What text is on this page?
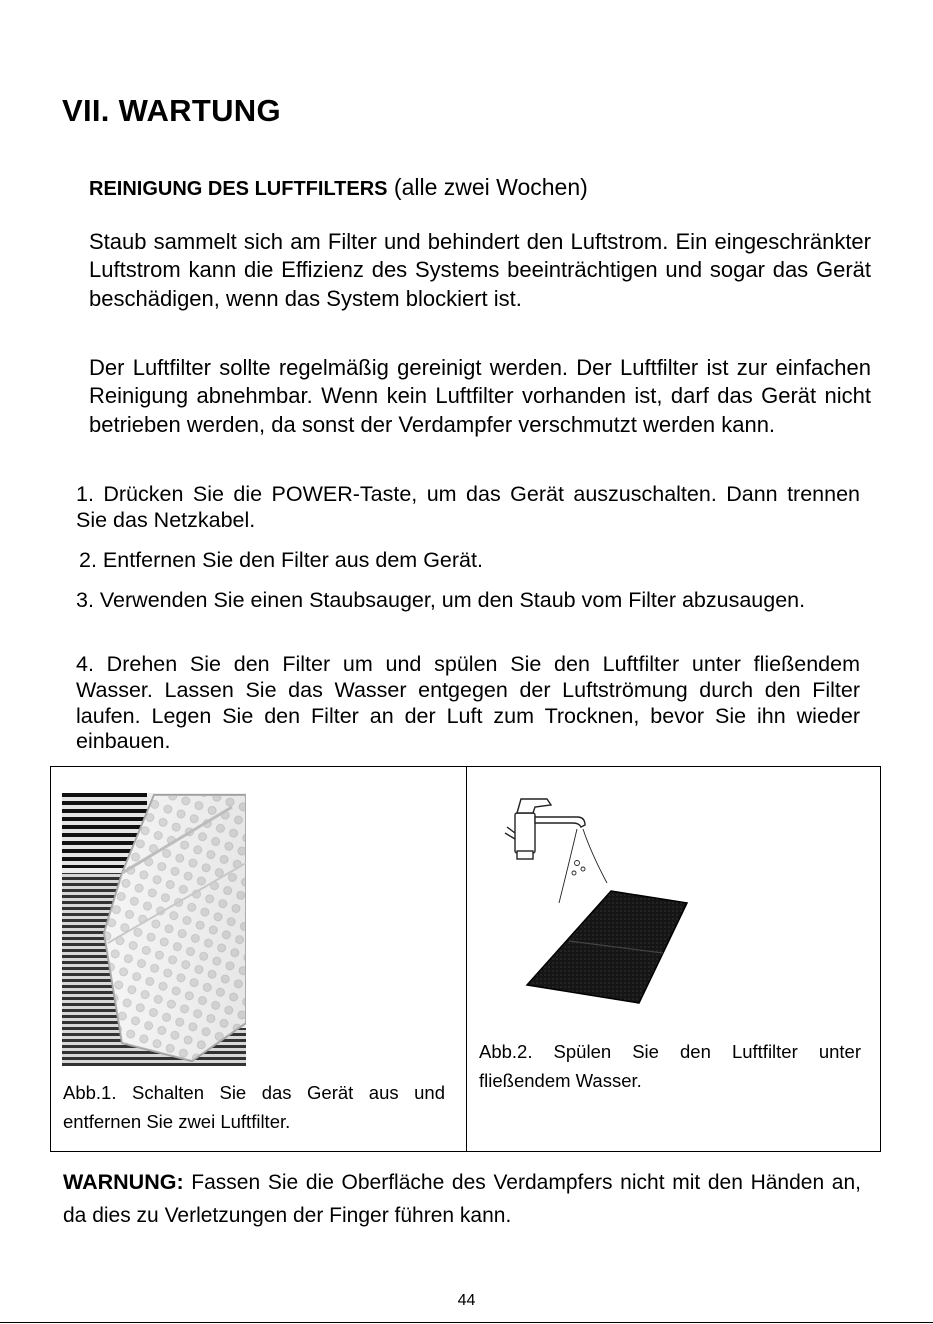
VII. WARTUNG
REINIGUNG DES LUFTFILTERS (alle zwei Wochen)

Staub sammelt sich am Filter und behindert den Luftstrom. Ein eingeschränkter Luftstrom kann die Effizienz des Systems beeinträchtigen und sogar das Gerät beschädigen, wenn das System blockiert ist.

Der Luftfilter sollte regelmäßig gereinigt werden. Der Luftfilter ist zur einfachen Reinigung abnehmbar. Wenn kein Luftfilter vorhanden ist, darf das Gerät nicht betrieben werden, da sonst der Verdampfer verschmutzt werden kann.

1. Drücken Sie die POWER-Taste, um das Gerät auszuschalten. Dann trennen Sie das Netzkabel.

2. Entfernen Sie den Filter aus dem Gerät.

3. Verwenden Sie einen Staubsauger, um den Staub vom Filter abzusaugen.

4. Drehen Sie den Filter um und spülen Sie den Luftfilter unter fließendem Wasser. Lassen Sie das Wasser entgegen der Luftströmung durch den Filter laufen. Legen Sie den Filter an der Luft zum Trocknen, bevor Sie ihn wieder einbauen.

Abb.1. Schalten Sie das Gerät aus und entfernen Sie zwei Luftfilter.

Abb.2. Spülen Sie den Luftfilter unter fließendem Wasser.

WARNUNG: Fassen Sie die Oberfläche des Verdampfers nicht mit den Händen an, da dies zu Verletzungen der Finger führen kann.

44
